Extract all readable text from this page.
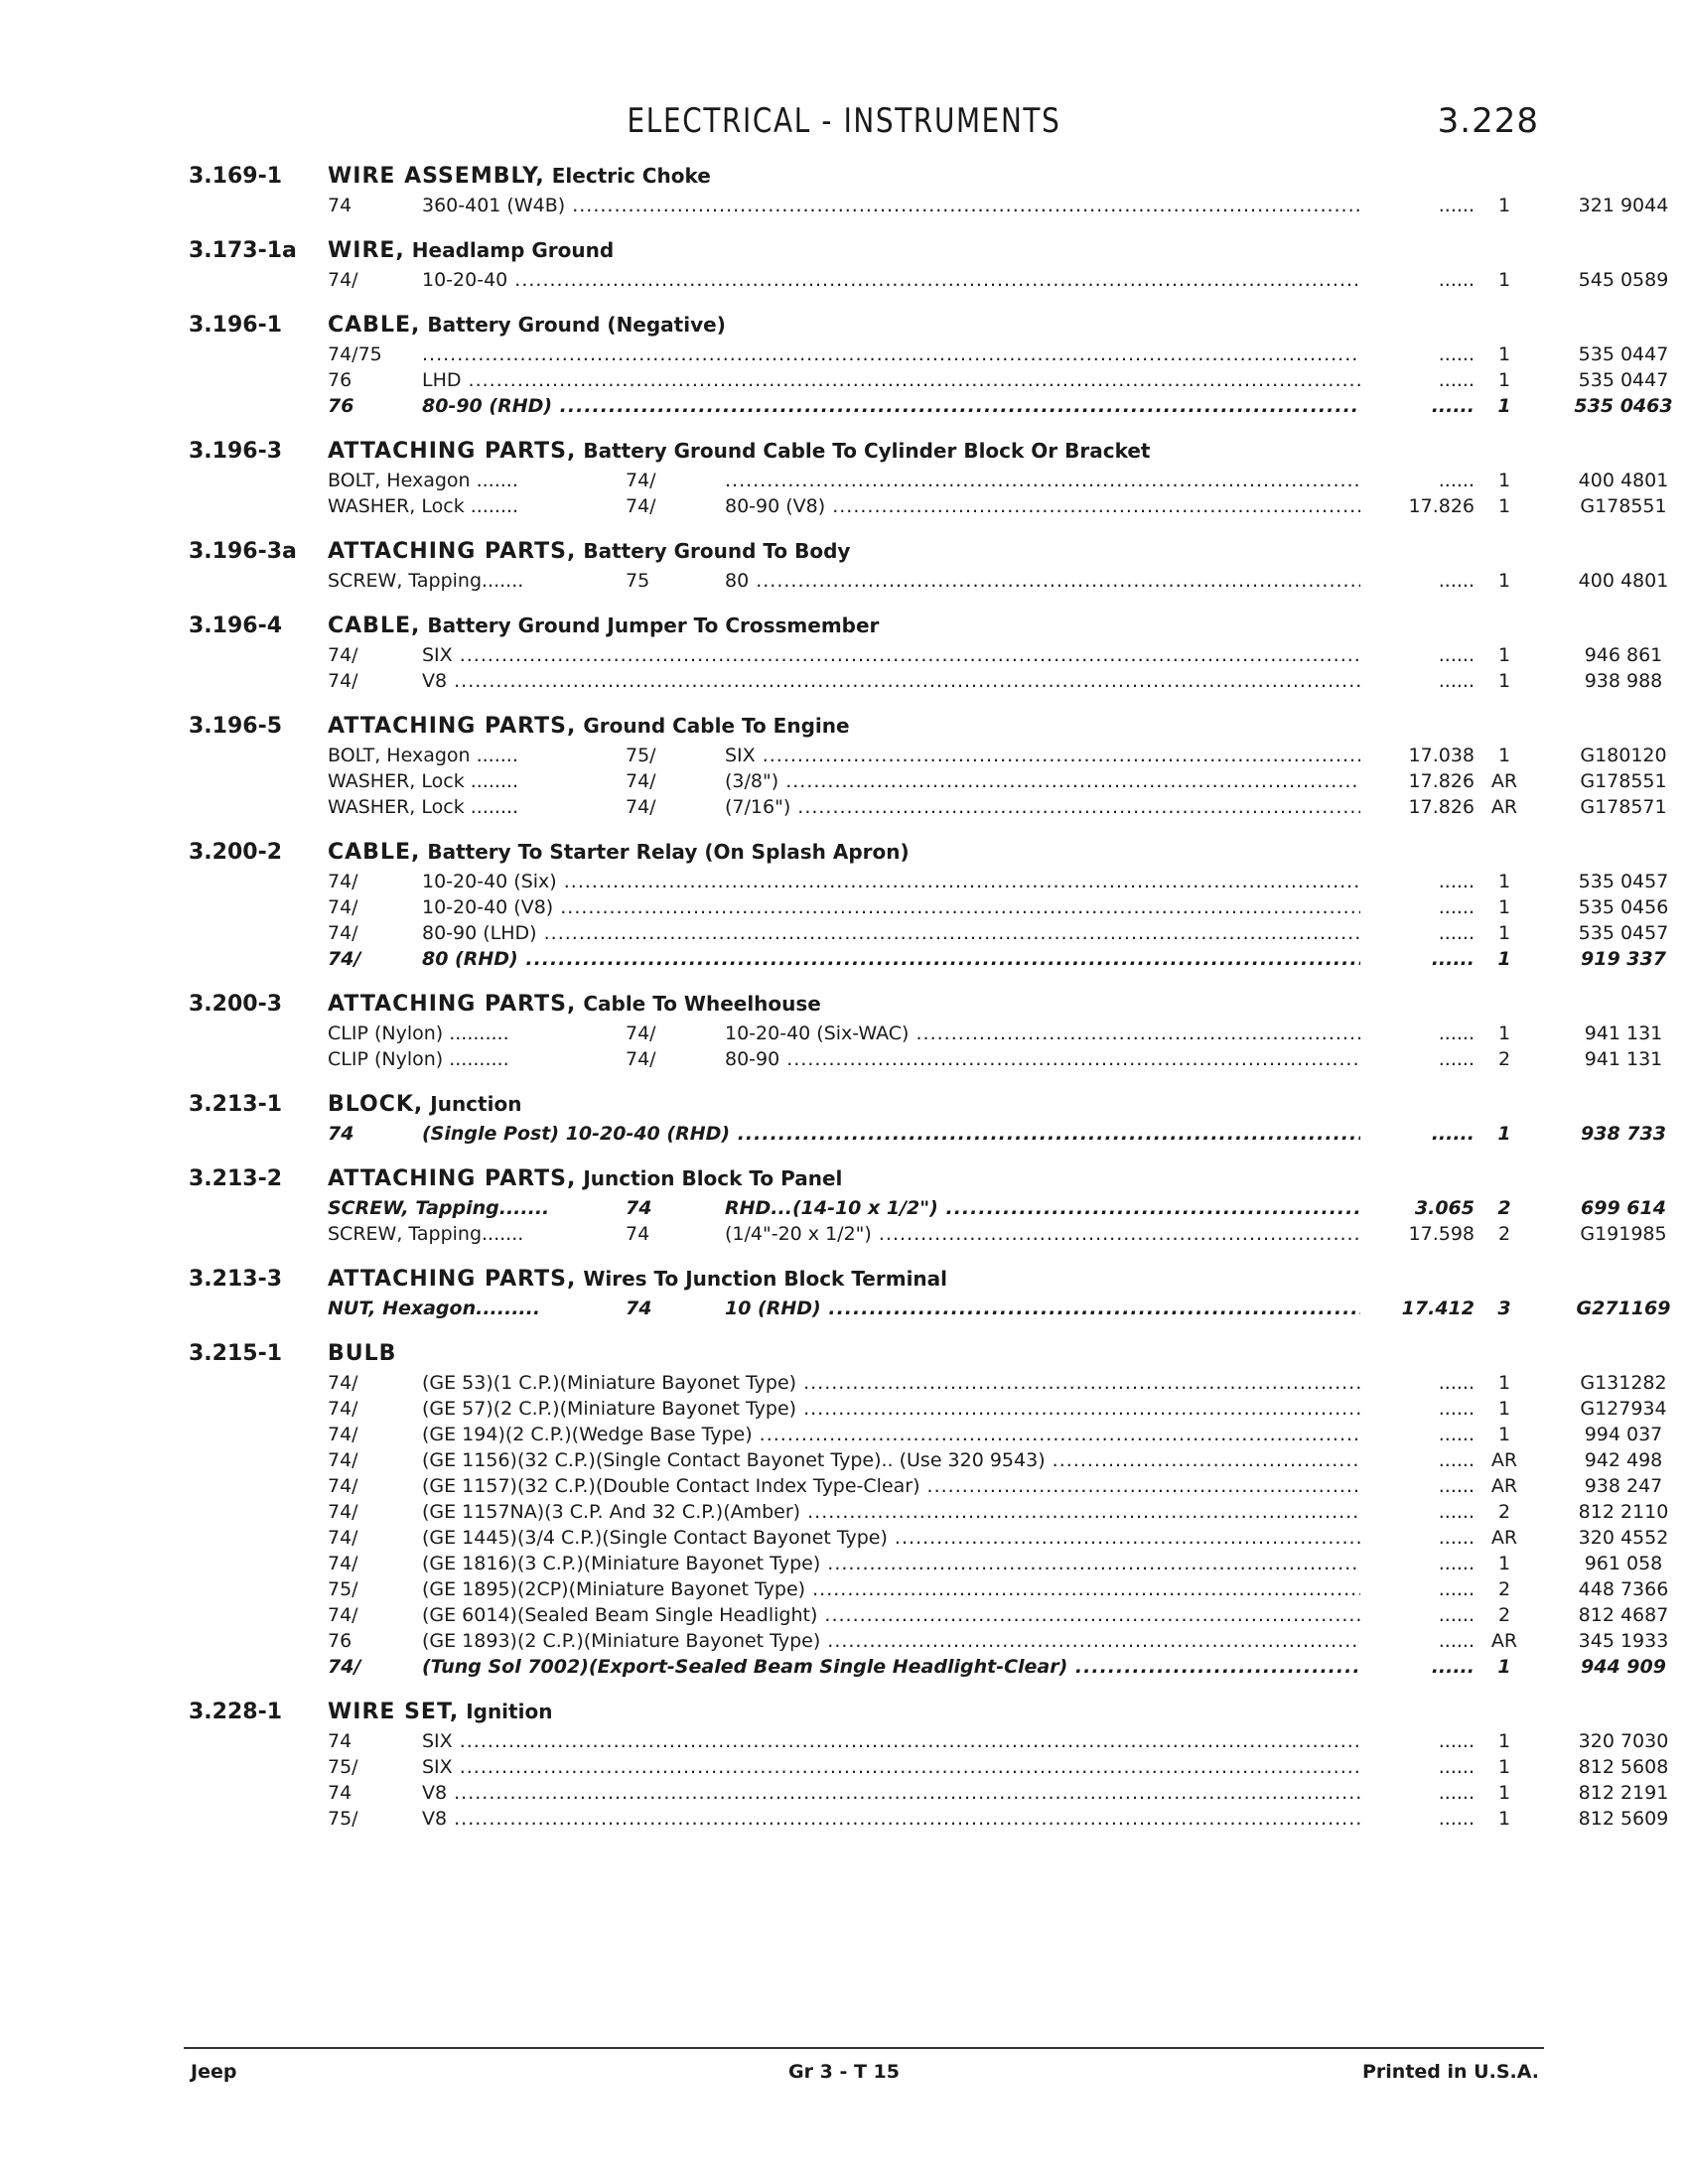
ELECTRICAL - INSTRUMENTS	3.228
3.169-1	WIRE ASSEMBLY, Electric Choke
74	360-401 (W4B) .....	......	1	321 9044
3.173-1a	WIRE, Headlamp Ground
74/	10-20-40 .....	......	1	545 0589
3.196-1	CABLE, Battery Ground (Negative)
74/75 .....	......	1	535 0447
76	LHD .....	......	1	535 0447
76	80-90 (RHD) .....	......	1	535 0463
3.196-3	ATTACHING PARTS, Battery Ground Cable To Cylinder Block Or Bracket
BOLT, Hexagon .......	74/ .....	......	1	400 4801
WASHER, Lock ........	74/	80-90 (V8) .....	17.826	1	G178551
3.196-3a	ATTACHING PARTS, Battery Ground To Body
SCREW, Tapping.......	75	80 .....	......	1	400 4801
3.196-4	CABLE, Battery Ground Jumper To Crossmember
74/	SIX .....	......	1	946 861
74/	V8 .....	......	1	938 988
3.196-5	ATTACHING PARTS, Ground Cable To Engine
BOLT, Hexagon .......	75/	SIX .....	17.038	1	G180120
WASHER, Lock ........	74/	(3/8") .....	17.826 AR	G178551
WASHER, Lock ........	74/	(7/16") .....	17.826 AR	G178571
3.200-2	CABLE, Battery To Starter Relay (On Splash Apron)
74/	10-20-40 (Six) .....	......	1	535 0457
74/	10-20-40 (V8) .....	......	1	535 0456
74/	80-90 (LHD) .....	......	1	535 0457
74/	80 (RHD) .....	......	1	919 337
3.200-3	ATTACHING PARTS, Cable To Wheelhouse
CLIP (Nylon) ..........	74/	10-20-40 (Six-WAC) .....	......	1	941 131
CLIP (Nylon) ..........	74/	80-90 .....	......	2	941 131
3.213-1	BLOCK, Junction
74	(Single Post) 10-20-40 (RHD) .....	......	1	938 733
3.213-2	ATTACHING PARTS, Junction Block To Panel
SCREW, Tapping.......	74	RHD...(14-10 x 1/2") .....	3.065	2	699 614
SCREW, Tapping.......	74	(1/4"-20 x 1/2") .....	17.598	2	G191985
3.213-3	ATTACHING PARTS, Wires To Junction Block Terminal
NUT, Hexagon.........	74	10 (RHD) .....	17.412	3	G271169
3.215-1	BULB
74/	(GE 53)(1 C.P.)(Miniature Bayonet Type) .....	......	1	G131282
74/	(GE 57)(2 C.P.)(Miniature Bayonet Type) .....	......	1	G127934
74/	(GE 194)(2 C.P.)(Wedge Base Type) .....	......	1	994 037
74/	(GE 1156)(32 C.P.)(Single Contact Bayonet Type).. (Use 320 9543) .....	...... AR	942 498
74/	(GE 1157)(32 C.P.)(Double Contact Index Type-Clear) .....	...... AR	938 247
74/	(GE 1157NA)(3 C.P. And 32 C.P.)(Amber) .....	......	2	812 2110
74/	(GE 1445)(3/4 C.P.)(Single Contact Bayonet Type) .....	...... AR	320 4552
74/	(GE 1816)(3 C.P.)(Miniature Bayonet Type) .....	......	1	961 058
75/	(GE 1895)(2CP)(Miniature Bayonet Type) .....	......	2	448 7366
74/	(GE 6014)(Sealed Beam Single Headlight) .....	......	2	812 4687
76	(GE 1893)(2 C.P.)(Miniature Bayonet Type) .....	...... AR	345 1933
74/	(Tung Sol 7002)(Export-Sealed Beam Single Headlight-Clear) .....	......	1	944 909
3.228-1	WIRE SET, Ignition
74	SIX .....	......	1	320 7030
75/	SIX .....	......	1	812 5608
74	V8 .....	......	1	812 2191
75/	V8 .....	......	1	812 5609
Jeep	Gr 3 - T 15	Printed in U.S.A.
